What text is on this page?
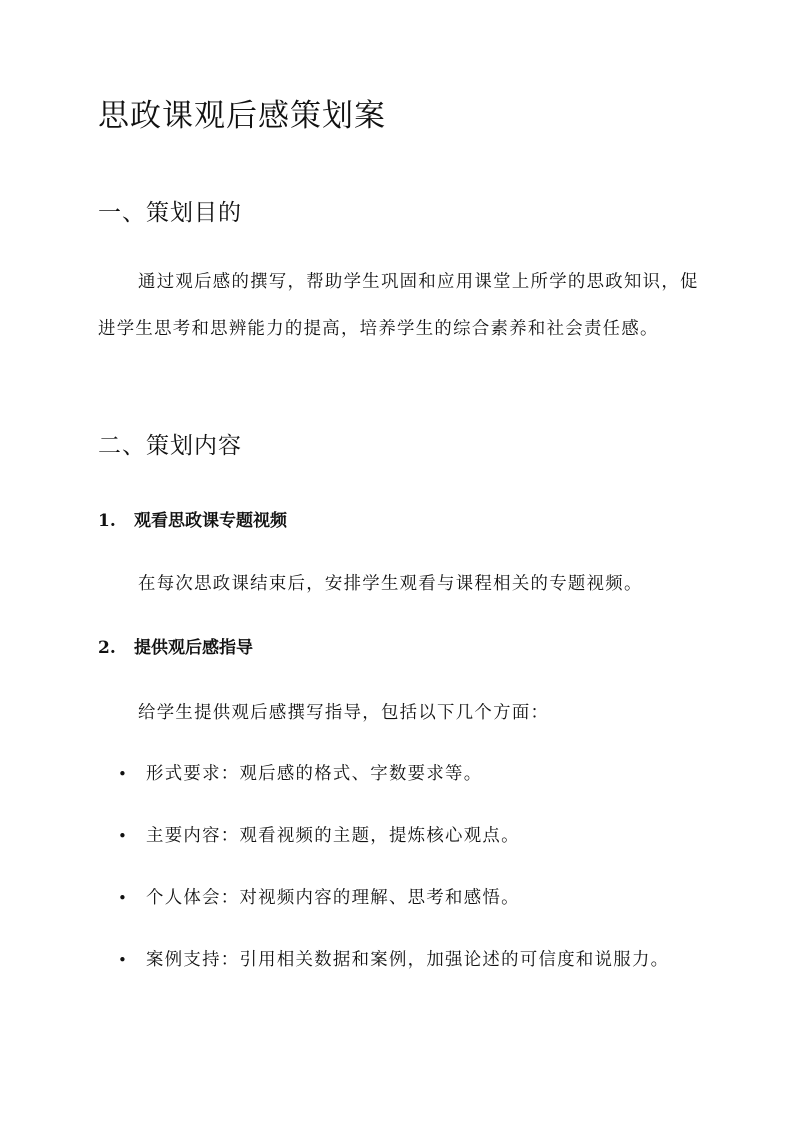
思政课观后感策划案
一、策划目的

通过观后感的撰写，帮助学生巩固和应用课堂上所学的思政知识，促进学生思考和思辨能力的提高，培养学生的综合素养和社会责任感。

二、策划内容
1. 观看思政课专题视频
在每次思政课结束后，安排学生观看与课程相关的专题视频。
2. 提供观后感指导
给学生提供观后感撰写指导，包括以下几个方面：
•	形式要求：观后感的格式、字数要求等。
•	主要内容：观看视频的主题，提炼核心观点。
•	个人体会：对视频内容的理解、思考和感悟。
•	案例支持：引用相关数据和案例，加强论述的可信度和说服力。
